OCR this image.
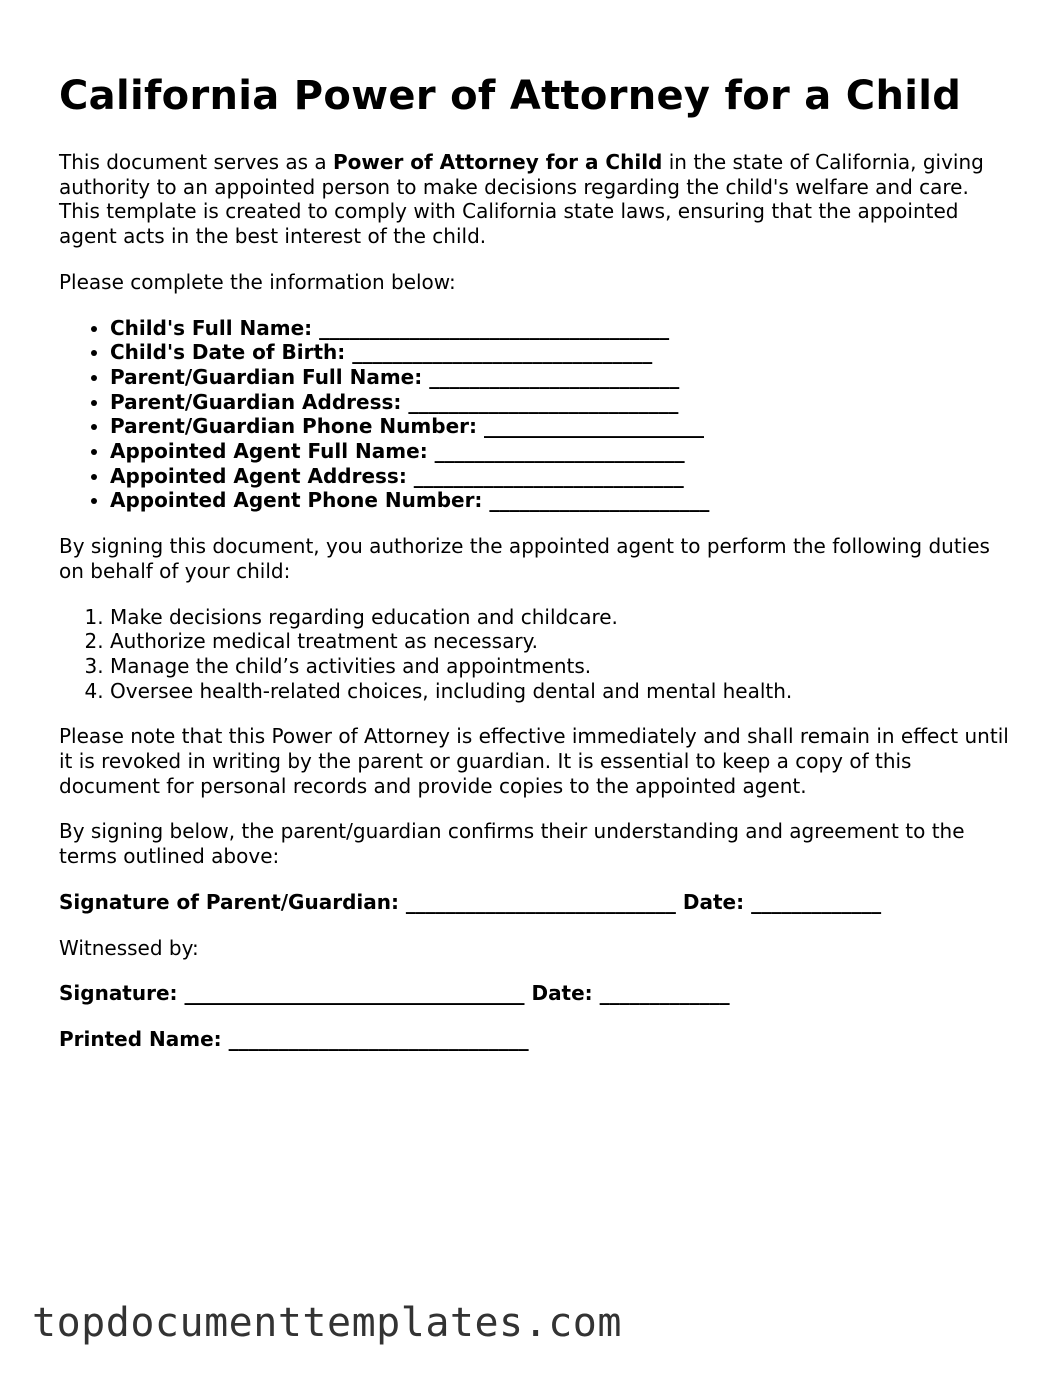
California Power of Attorney for a Child

This document serves as a Power of Attorney for a Child in the state of California, giving authority to an appointed person to make decisions regarding the child's welfare and care. This template is created to comply with California state laws, ensuring that the appointed agent acts in the best interest of the child.

Please complete the information below:

• Child's Full Name: ___________________________________
• Child's Date of Birth: ______________________________
• Parent/Guardian Full Name: _________________________
• Parent/Guardian Address: ___________________________
• Parent/Guardian Phone Number: ______________________
• Appointed Agent Full Name: _________________________
• Appointed Agent Address: ___________________________
• Appointed Agent Phone Number: ______________________

By signing this document, you authorize the appointed agent to perform the following duties on behalf of your child:

1. Make decisions regarding education and childcare.
2. Authorize medical treatment as necessary.
3. Manage the child’s activities and appointments.
4. Oversee health-related choices, including dental and mental health.

Please note that this Power of Attorney is effective immediately and shall remain in effect until it is revoked in writing by the parent or guardian. It is essential to keep a copy of this document for personal records and provide copies to the appointed agent.

By signing below, the parent/guardian confirms their understanding and agreement to the terms outlined above:

Signature of Parent/Guardian: ___________________________ Date: _____________

Witnessed by:

Signature: __________________________________ Date: _____________
Printed Name: ______________________________
topdocumenttemplates.com
